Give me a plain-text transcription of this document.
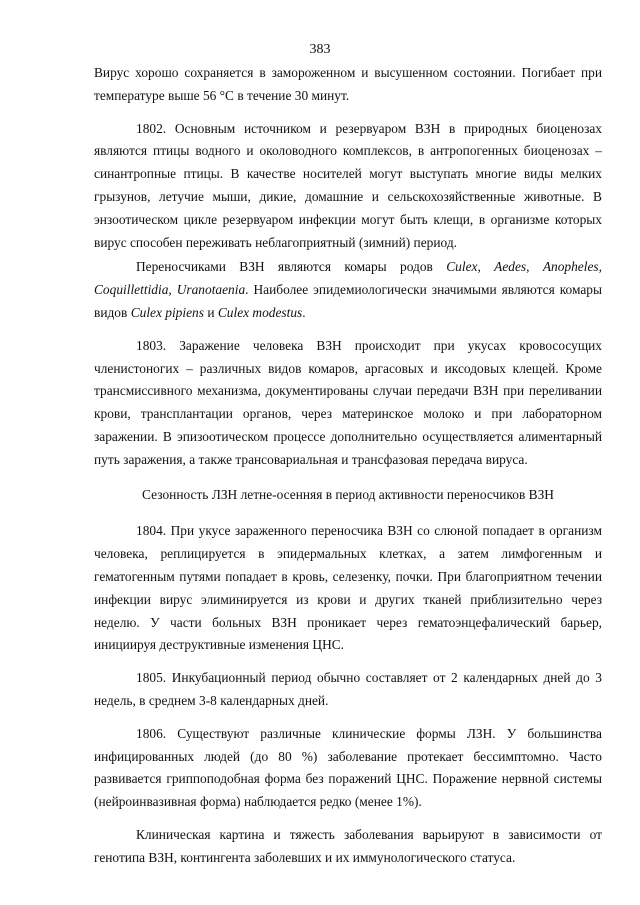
383

Вирус хорошо сохраняется в замороженном и высушенном состоянии. Погибает при температуре выше 56 °С в течение 30 минут.

1802. Основным источником и резервуаром ВЗН в природных биоценозах являются птицы водного и околоводного комплексов, в антропогенных биоценозах – синантропные птицы. В качестве носителей могут выступать многие виды мелких грызунов, летучие мыши, дикие, домашние и сельскохозяйственные животные. В энзоотическом цикле резервуаром инфекции могут быть клещи, в организме которых вирус способен переживать неблагоприятный (зимний) период.

Переносчиками ВЗН являются комары родов Culex, Aedes, Anopheles, Coquillettidia, Uranotaenia. Наиболее эпидемиологически значимыми являются комары видов Culex pipiens и Culex modestus.

1803. Заражение человека ВЗН происходит при укусах кровососущих членистоногих – различных видов комаров, аргасовых и иксодовых клещей. Кроме трансмиссивного механизма, документированы случаи передачи ВЗН при переливании крови, трансплантации органов, через материнское молоко и при лабораторном заражении. В эпизоотическом процессе дополнительно осуществляется алиментарный путь заражения, а также трансовариальная и трансфазовая передача вируса.

Сезонность ЛЗН летне-осенняя в период активности переносчиков ВЗН

1804. При укусе зараженного переносчика ВЗН со слюной попадает в организм человека, реплицируется в эпидермальных клетках, а затем лимфогенным и гематогенным путями попадает в кровь, селезенку, почки. При благоприятном течении инфекции вирус элиминируется из крови и других тканей приблизительно через неделю. У части больных ВЗН проникает через гематоэнцефалический барьер, инициируя деструктивные изменения ЦНС.

1805. Инкубационный период обычно составляет от 2 календарных дней до 3 недель, в среднем 3-8 календарных дней.

1806. Существуют различные клинические формы ЛЗН. У большинства инфицированных людей (до 80 %) заболевание протекает бессимптомно. Часто развивается гриппоподобная форма без поражений ЦНС. Поражение нервной системы (нейроинвазивная форма) наблюдается редко (менее 1%).

Клиническая картина и тяжесть заболевания варьируют в зависимости от генотипа ВЗН, контингента заболевших и их иммунологического статуса.
